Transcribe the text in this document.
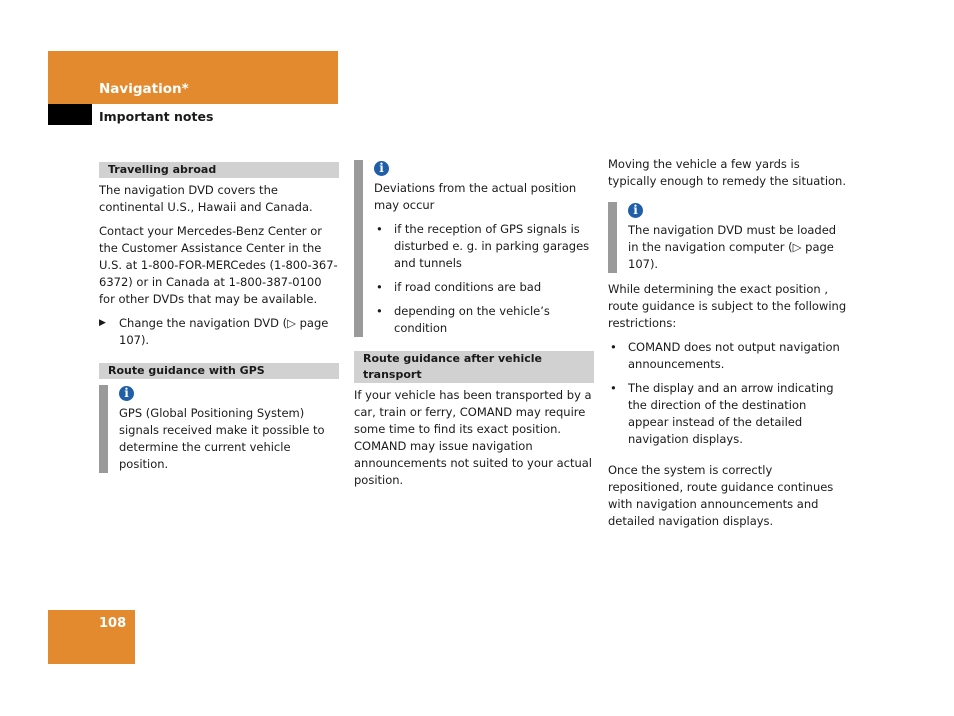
Navigation*
Important notes
Travelling abroad

The navigation DVD covers the continental U.S., Hawaii and Canada.

Contact your Mercedes-Benz Center or the Customer Assistance Center in the U.S. at 1-800-FOR-MERCedes (1-800-367-6372) or in Canada at 1-800-387-0100 for other DVDs that may be available.

▶ Change the navigation DVD (▷ page 107).
Route guidance with GPS
i
GPS (Global Positioning System) signals received make it possible to determine the current vehicle position.
i

Deviations from the actual position may occur

• if the reception of GPS signals is disturbed e. g. in parking garages and tunnels
• if road conditions are bad
• depending on the vehicle’s condition
Route guidance after vehicle transport

If your vehicle has been transported by a car, train or ferry, COMAND may require some time to find its exact position. COMAND may issue navigation announcements not suited to your actual position.

Moving the vehicle a few yards is typically enough to remedy the situation.

i
The navigation DVD must be loaded in the navigation computer (▷ page 107).

While determining the exact position , route guidance is subject to the following restrictions:

• COMAND does not output navigation announcements.
• The display and an arrow indicating the direction of the destination appear instead of the detailed navigation displays.

Once the system is correctly repositioned, route guidance continues with navigation announcements and detailed navigation displays.

108
